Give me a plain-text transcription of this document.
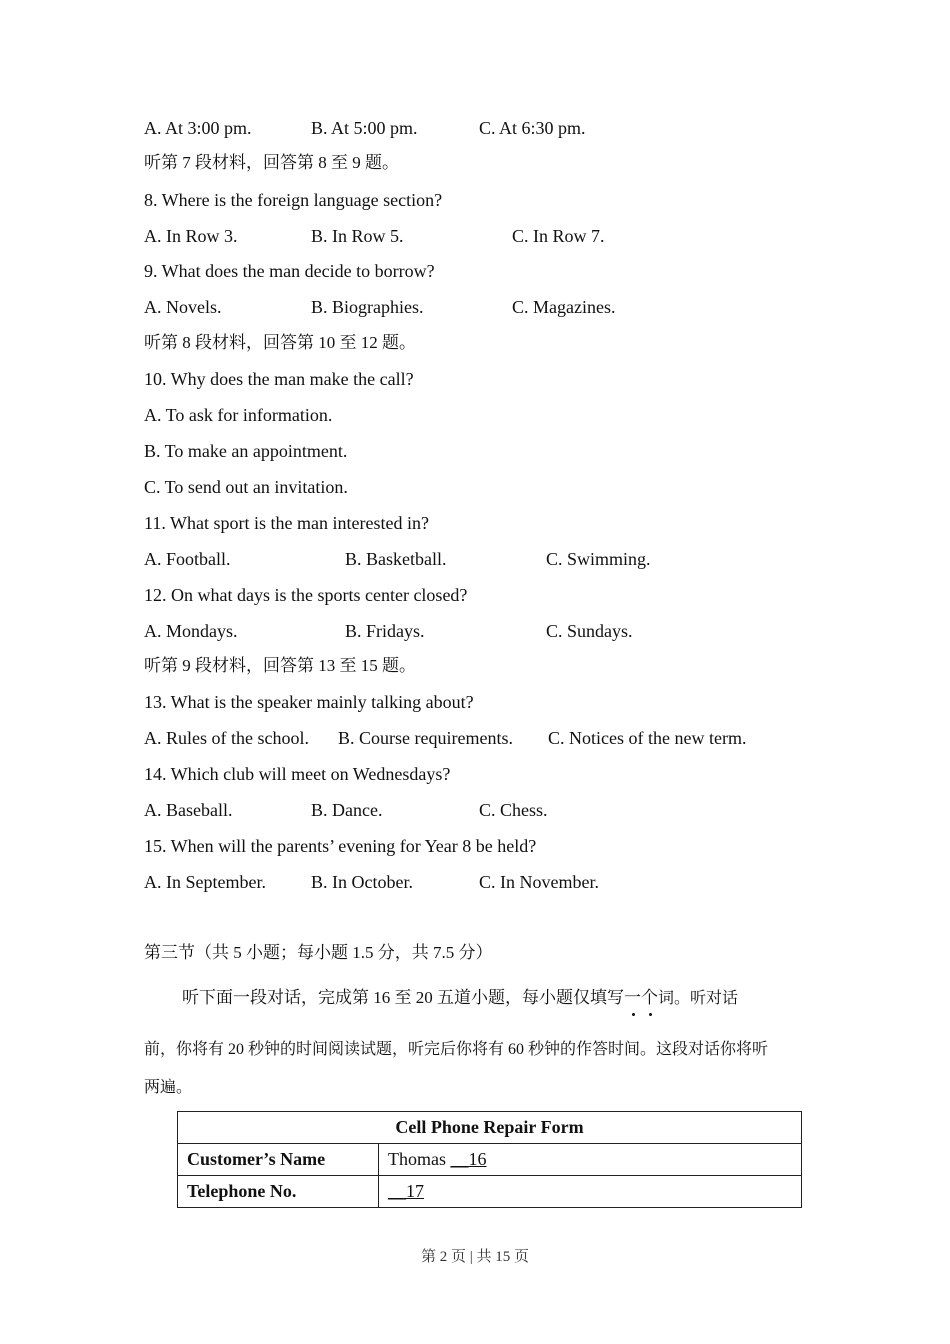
A. At 3:00 pm.	B. At 5:00 pm.	C. At 6:30 pm.
听第 7 段材料，回答第 8 至 9 题。
8. Where is the foreign language section?
A. In Row 3.	B. In Row 5.	C. In Row 7.
9. What does the man decide to borrow?
A. Novels.	B. Biographies.	C. Magazines.
听第 8 段材料，回答第 10 至 12 题。
10. Why does the man make the call?
A. To ask for information.
B. To make an appointment.
C. To send out an invitation.
11. What sport is the man interested in?
A. Football.	B. Basketball.	C. Swimming.
12. On what days is the sports center closed?
A. Mondays.	B. Fridays.	C. Sundays.
听第 9 段材料，回答第 13 至 15 题。
13. What is the speaker mainly talking about?
A. Rules of the school. B. Course requirements. C. Notices of the new term.
14. Which club will meet on Wednesdays?
A. Baseball.	B. Dance.	C. Chess.
15. When will the parents’ evening for Year 8 be held?
A. In September.	B. In October.	C. In November.
第三节（共 5 小题；每小题 1.5 分，共 7.5 分）
听下面一段对话，完成第 16 至 20 五道小题，每小题仅填写一个词。听对话
前，你将有 20 秒钟的时间阅读试题，听完后你将有 60 秒钟的作答时间。这段对话你将听
两遍。
Cell Phone Repair Form	
Customer’s Name	Thomas __16
Telephone No.	__17
第 2 页 | 共 15 页
